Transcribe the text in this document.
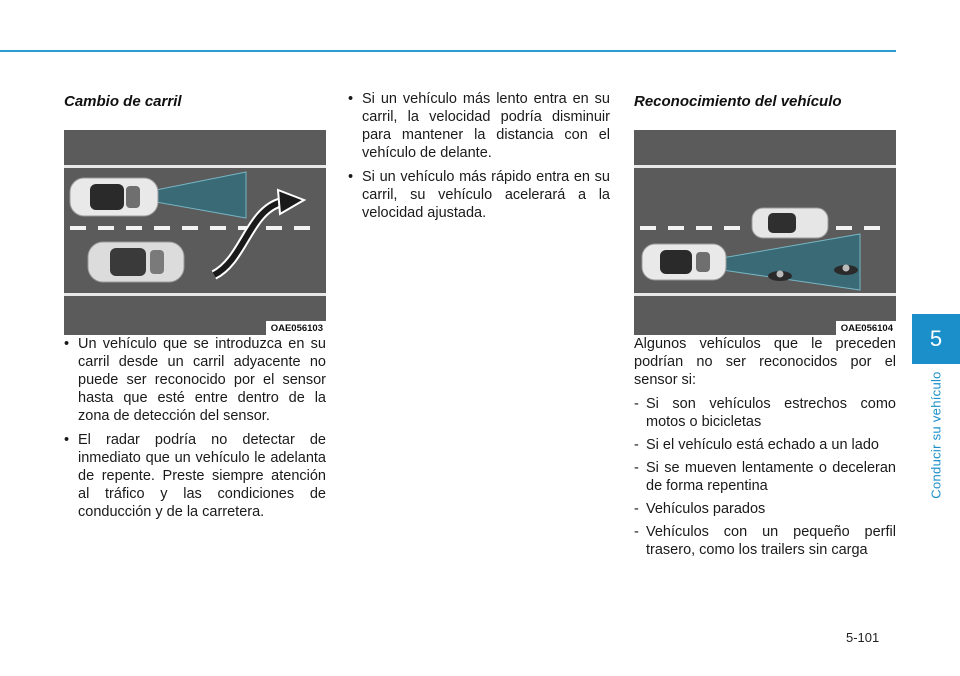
5
Conducir su vehículo
Cambio de carril
OAE056103
• Un vehículo que se introduzca en su carril desde un carril adyacente no puede ser reconocido por el sensor hasta que esté entre dentro de la zona de detección del sensor.
• El radar podría no detectar de inmediato que un vehículo le adelanta de repente. Preste siempre atención al tráfico y las condiciones de conducción y de la carretera.
• Si un vehículo más lento entra en su carril, la velocidad podría disminuir para mantener la distancia con el vehículo de delante.
• Si un vehículo más rápido entra en su carril, su vehículo acelerará a la velocidad ajustada.
Reconocimiento del vehículo
OAE056104

Algunos vehículos que le preceden podrían no ser reconocidos por el sensor si:

- Si son vehículos estrechos como motos o bicicletas
- Si el vehículo está echado a un lado
- Si se mueven lentamente o deceleran de forma repentina
- Vehículos parados
- Vehículos con un pequeño perfil trasero, como los trailers sin carga
5-101
